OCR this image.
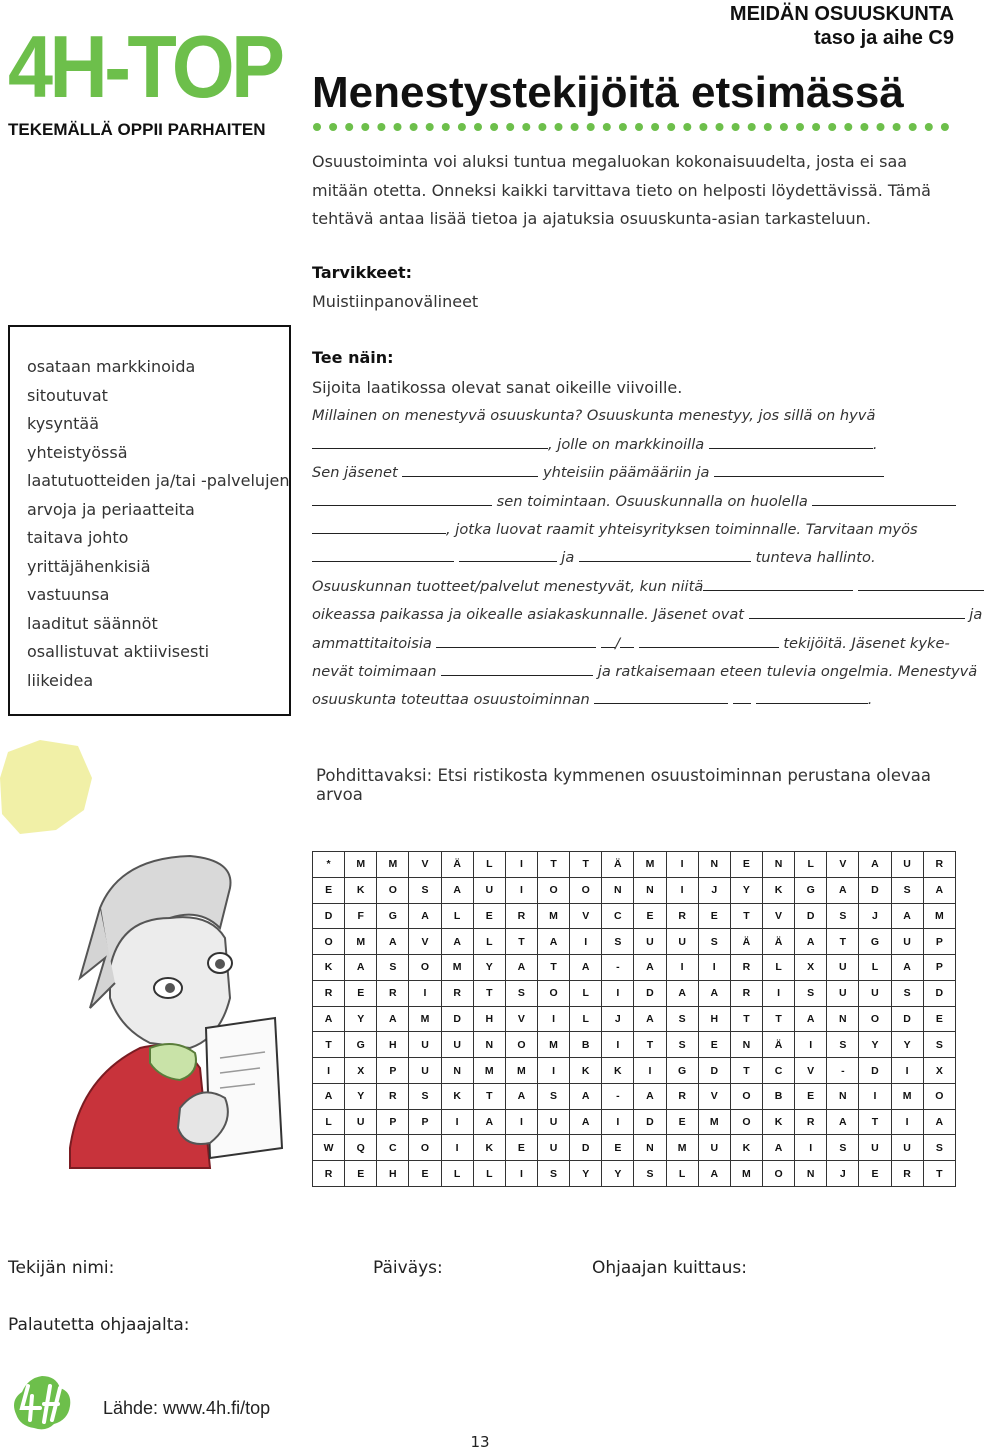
4H-TOP
TEKEMÄLLÄ OPPII PARHAITEN
MEIDÄN OSUUSKUNTA
taso ja aihe C9
Menestystekijöitä etsimässä
Osuustoiminta voi aluksi tuntua megaluokan kokonaisuudelta, josta ei saa mitään otetta. Onneksi kaikki tarvittava tieto on helposti löydettävissä. Tämä tehtävä antaa lisää tietoa ja ajatuksia osuuskunta-asian tarkasteluun.
Tarvikkeet:
Muistiinpanovälineet
osataan markkinoida
sitoutuvat
kysyntää
yhteistyössä
laatutuotteiden ja/tai -palvelujen
arvoja ja periaatteita
taitava johto
yrittäjähenkisiä
vastuunsa
laaditut säännöt
osallistuvat aktiivisesti
liikeidea
Tee näin:
Sijoita laatikossa olevat sanat oikeille viivoille.
Millainen on menestyvä osuuskunta? Osuuskunta menestyy, jos sillä on hyvä
, jolle on markkinoilla	.
Sen jäsenet	yhteisiin päämääriin ja
sen toimintaan. Osuuskunnalla on huolella
, jotka luovat raamit yhteisyrityksen toiminnalle. Tarvitaan myös
ja	tunteva hallinto.
Osuuskunnan tuotteet/palvelut menestyvät, kun niitä
oikeassa paikassa ja oikealle asiakaskunnalle. Jäsenet ovat	ja
ammattitaitoisia	/	tekijöitä. Jäsenet kyke-
nevät toimimaan	ja ratkaisemaan eteen tulevia ongelmia. Menestyvä
osuuskunta toteuttaa osuustoiminnan	.
Pohdittavaksi: Etsi ristikosta kymmenen osuustoiminnan perustana olevaa arvoa
*	M	M	V	Ä	L	I	T	T	Ä	M	I	N	E	N	L	V	A	U	R
E	K	O	S	A	U	I	O	O	N	N	I	J	Y	K	G	A	D	S	A
D	F	G	A	L	E	R	M	V	C	E	R	E	T	V	D	S	J	A	M
O	M	A	V	A	L	T	A	I	S	U	U	S	Ä	Ä	A	T	G	U	P
K	A	S	O	M	Y	A	T	A	-	A	I	I	R	L	X	U	L	A	P
R	E	R	I	R	T	S	O	L	I	D	A	A	R	I	S	U	U	S	D
A	Y	A	M	D	H	V	I	L	J	A	S	H	T	T	A	N	O	D	E
T	G	H	U	U	N	O	M	B	I	T	S	E	N	Ä	I	S	Y	Y	S
I	X	P	U	N	M	M	I	K	K	I	G	D	T	C	V	-	D	I	X
A	Y	R	S	K	T	A	S	A	-	A	R	V	O	B	E	N	I	M	O
L	U	P	P	I	A	I	U	A	I	D	E	M	O	K	R	A	T	I	A
W	Q	C	O	I	K	E	U	D	E	N	M	U	K	A	I	S	U	U	S
R	E	H	E	L	L	I	S	Y	Y	S	L	A	M	O	N	J	E	R	T
Tekijän nimi:	Päiväys:	Ohjaajan kuittaus:
Palautetta ohjaajalta:
Lähde: www.4h.fi/top
13
